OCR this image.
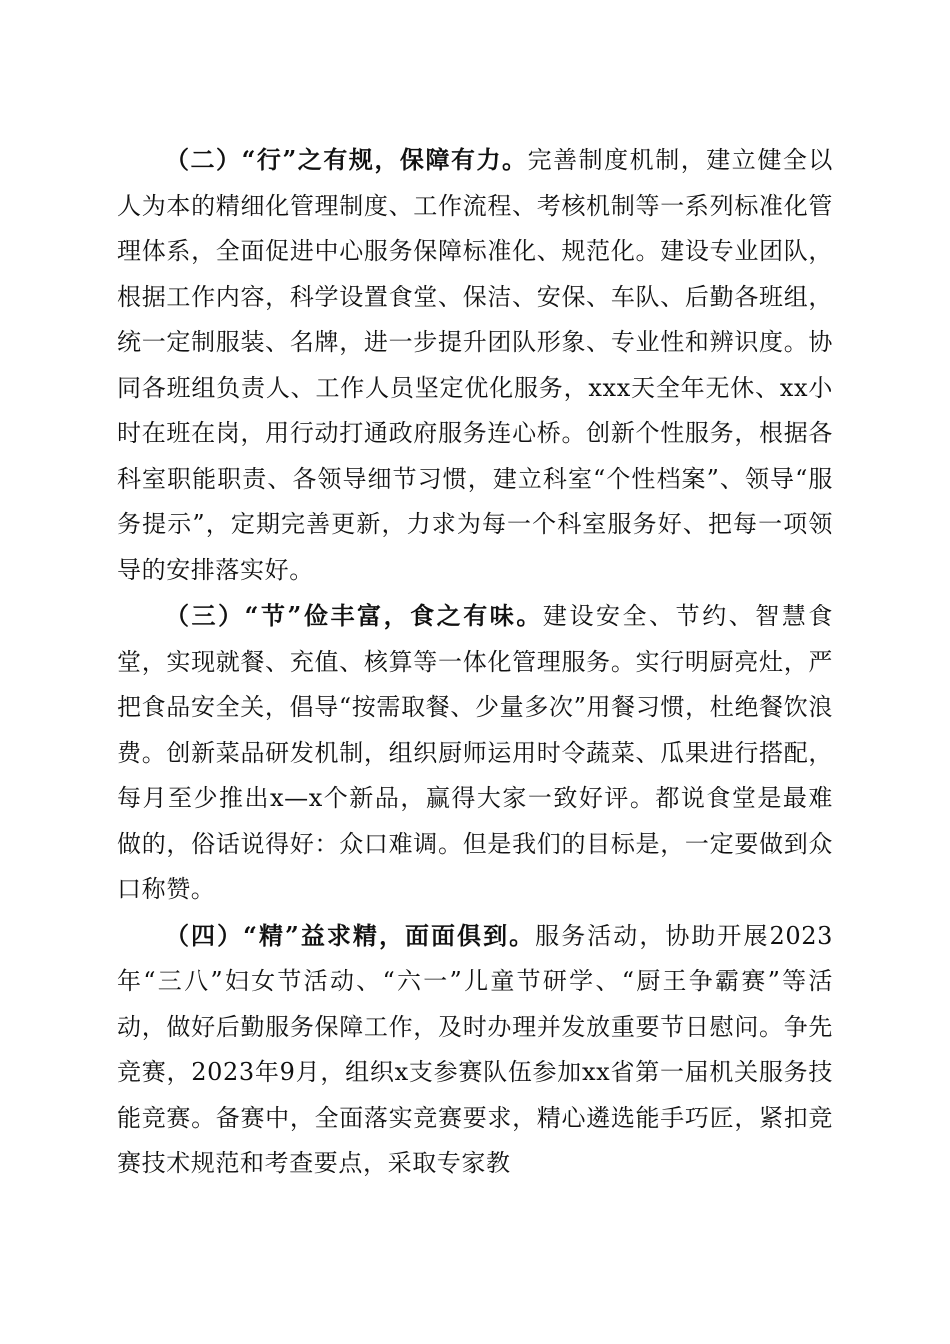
（二）“行”之有规，保障有力。完善制度机制，建立健全以人为本的精细化管理制度、工作流程、考核机制等一系列标准化管理体系，全面促进中心服务保障标准化、规范化。建设专业团队，根据工作内容，科学设置食堂、保洁、安保、车队、后勤各班组，统一定制服装、名牌，进一步提升团队形象、专业性和辨识度。协同各班组负责人、工作人员坚定优化服务，xxx天全年无休、xx小时在班在岗，用行动打通政府服务连心桥。创新个性服务，根据各科室职能职责、各领导细节习惯，建立科室“个性档案”、领导“服务提示”，定期完善更新，力求为每一个科室服务好、把每一项领导的安排落实好。

（三）“节”俭丰富，食之有味。建设安全、节约、智慧食堂，实现就餐、充值、核算等一体化管理服务。实行明厨亮灶，严把食品安全关，倡导“按需取餐、少量多次”用餐习惯，杜绝餐饮浪费。创新菜品研发机制，组织厨师运用时令蔬菜、瓜果进行搭配，每月至少推出x—x个新品，赢得大家一致好评。都说食堂是最难做的，俗话说得好：众口难调。但是我们的目标是，一定要做到众口称赞。

（四）“精”益求精，面面俱到。服务活动，协助开展2023年“三八”妇女节活动、“六一”儿童节研学、“厨王争霸赛”等活动，做好后勤服务保障工作，及时办理并发放重要节日慰问。争先竞赛，2023年9月，组织x支参赛队伍参加xx省第一届机关服务技能竞赛。备赛中，全面落实竞赛要求，精心遴选能手巧匠，紧扣竞赛技术规范和考查要点，采取专家教
